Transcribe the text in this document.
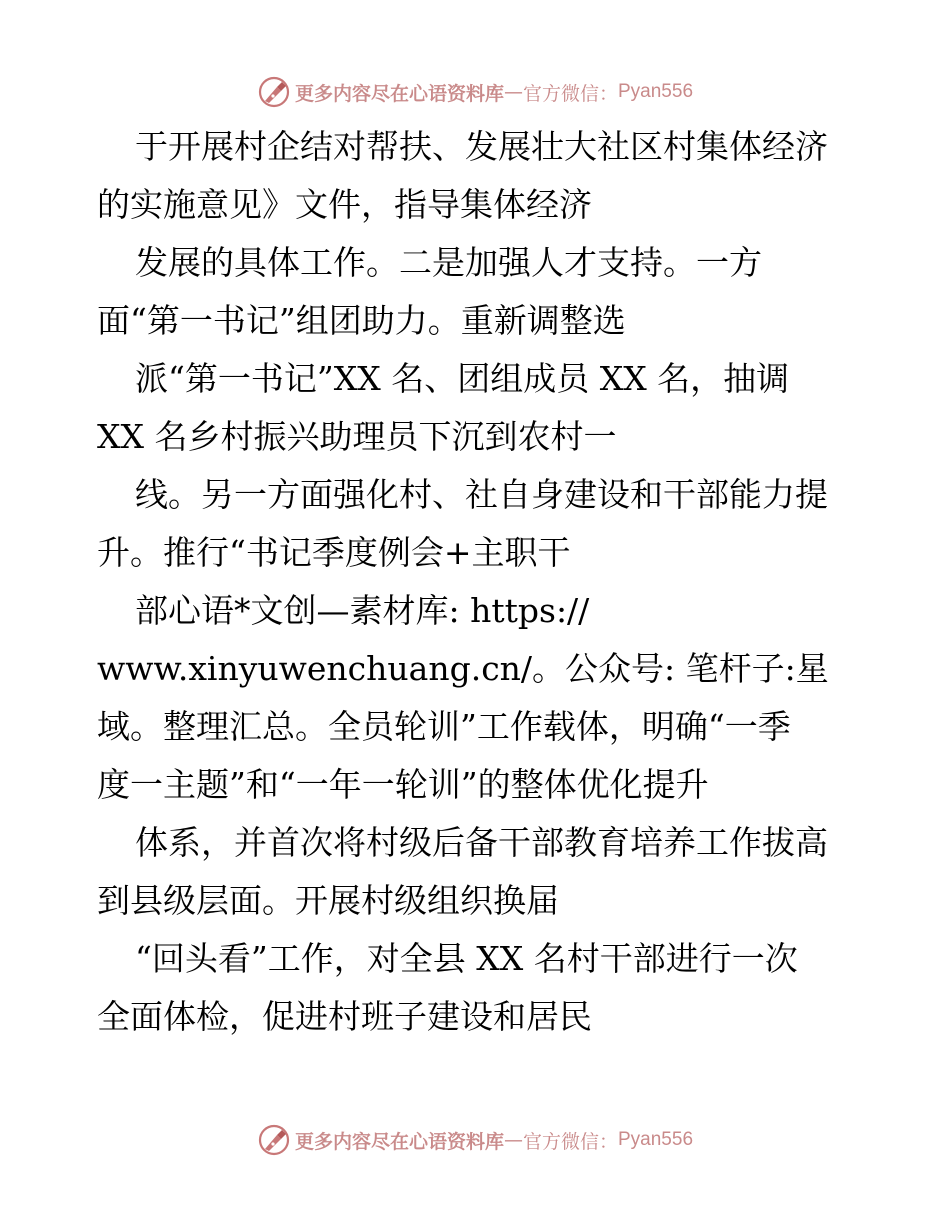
更多内容尽在心语资料库 — 官方微信： Pyan556
于开展村企结对帮扶、发展壮大社区村集体经济
的实施意见》文件，指导集体经济
发展的具体工作。二是加强人才支持。一方
面“第一书记”组团助力。重新调整选
派“第一书记”XX 名、团组成员 XX 名，抽调
XX 名乡村振兴助理员下沉到农村一
线。另一方面强化村、社自身建设和干部能力提
升。推行“书记季度例会+主职干
部心语*文创—素材库: https://
www.xinyuwenchuang.cn/。公众号: 笔杆子:星
域。整理汇总。全员轮训”工作载体，明确“一季
度一主题”和“一年一轮训”的整体优化提升
体系，并首次将村级后备干部教育培养工作拔高
到县级层面。开展村级组织换届
“回头看”工作，对全县 XX 名村干部进行一次
全面体检，促进村班子建设和居民
更多内容尽在心语资料库 — 官方微信： Pyan556
